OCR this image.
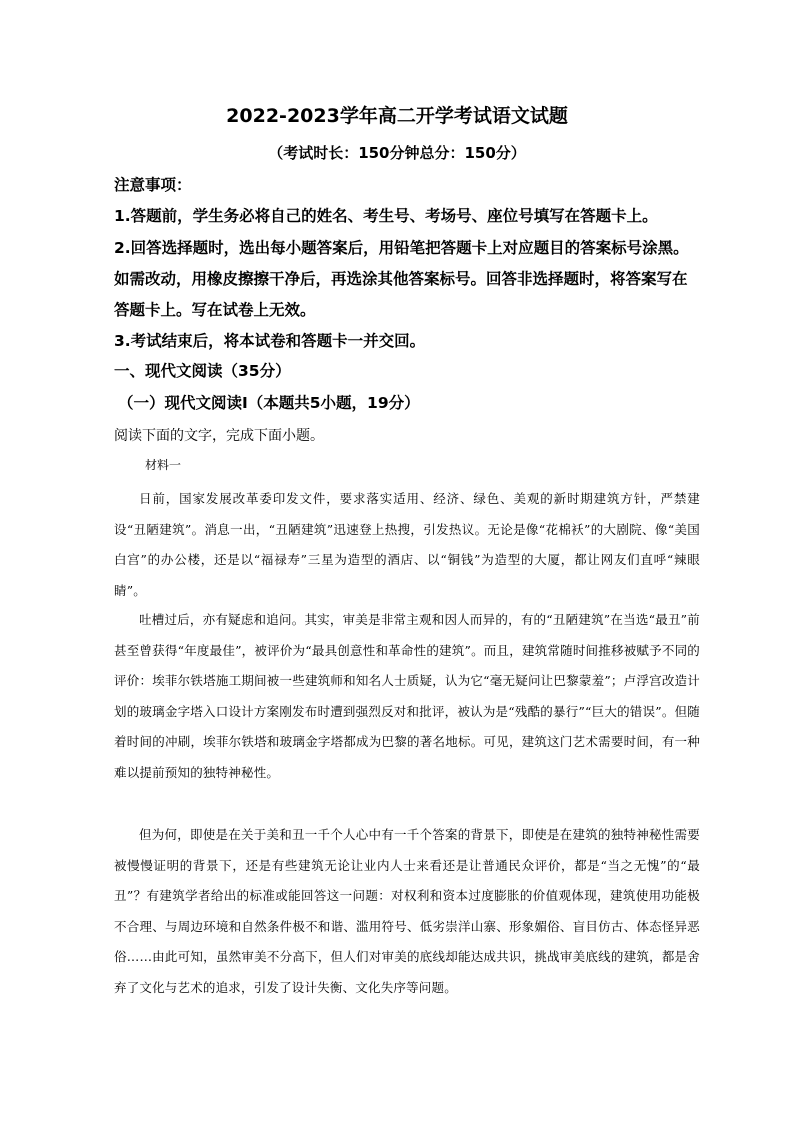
2022-2023学年高二开学考试语文试题
（考试时长：150分钟总分：150分）
注意事项：
1.答题前，学生务必将自己的姓名、考生号、考场号、座位号填写在答题卡上。
2.回答选择题时，选出每小题答案后，用铅笔把答题卡上对应题目的答案标号涂黑。
如需改动，用橡皮擦擦干净后，再选涂其他答案标号。回答非选择题时，将答案写在
答题卡上。写在试卷上无效。
3.考试结束后，将本试卷和答题卡一并交回。
一、现代文阅读（35分）
（一）现代文阅读Ⅰ（本题共5小题，19分）
阅读下面的文字，完成下面小题。
材料一
日前，国家发展改革委印发文件，要求落实适用、经济、绿色、美观的新时期建筑方针，严禁建设“丑陋建筑”。消息一出，“丑陋建筑”迅速登上热搜，引发热议。无论是像“花棉袄”的大剧院、像“美国白宫”的办公楼，还是以“福禄寿”三星为造型的酒店、以“铜钱”为造型的大厦，都让网友们直呼“辣眼睛”。
吐槽过后，亦有疑虑和追问。其实，审美是非常主观和因人而异的，有的“丑陋建筑”在当选“最丑”前甚至曾获得“年度最佳”，被评价为“最具创意性和革命性的建筑”。而且，建筑常随时间推移被赋予不同的评价：埃菲尔铁塔施工期间被一些建筑师和知名人士质疑，认为它“毫无疑问让巴黎蒙羞”；卢浮宫改造计划的玻璃金字塔入口设计方案刚发布时遭到强烈反对和批评，被认为是“残酷的暴行”“巨大的错误”。但随着时间的冲刷，埃菲尔铁塔和玻璃金字塔都成为巴黎的著名地标。可见，建筑这门艺术需要时间，有一种难以提前预知的独特神秘性。
但为何，即使是在关于美和丑一千个人心中有一千个答案的背景下，即使是在建筑的独特神秘性需要被慢慢证明的背景下，还是有些建筑无论让业内人士来看还是让普通民众评价，都是“当之无愧”的“最丑”？有建筑学者给出的标准或能回答这一问题：对权利和资本过度膨胀的价值观体现，建筑使用功能极不合理、与周边环境和自然条件极不和谐、滥用符号、低劣崇洋山寨、形象媚俗、盲目仿古、体态怪异恶俗……由此可知，虽然审美不分高下，但人们对审美的底线却能达成共识，挑战审美底线的建筑，都是舍弃了文化与艺术的追求，引发了设计失衡、文化失序等问题。
